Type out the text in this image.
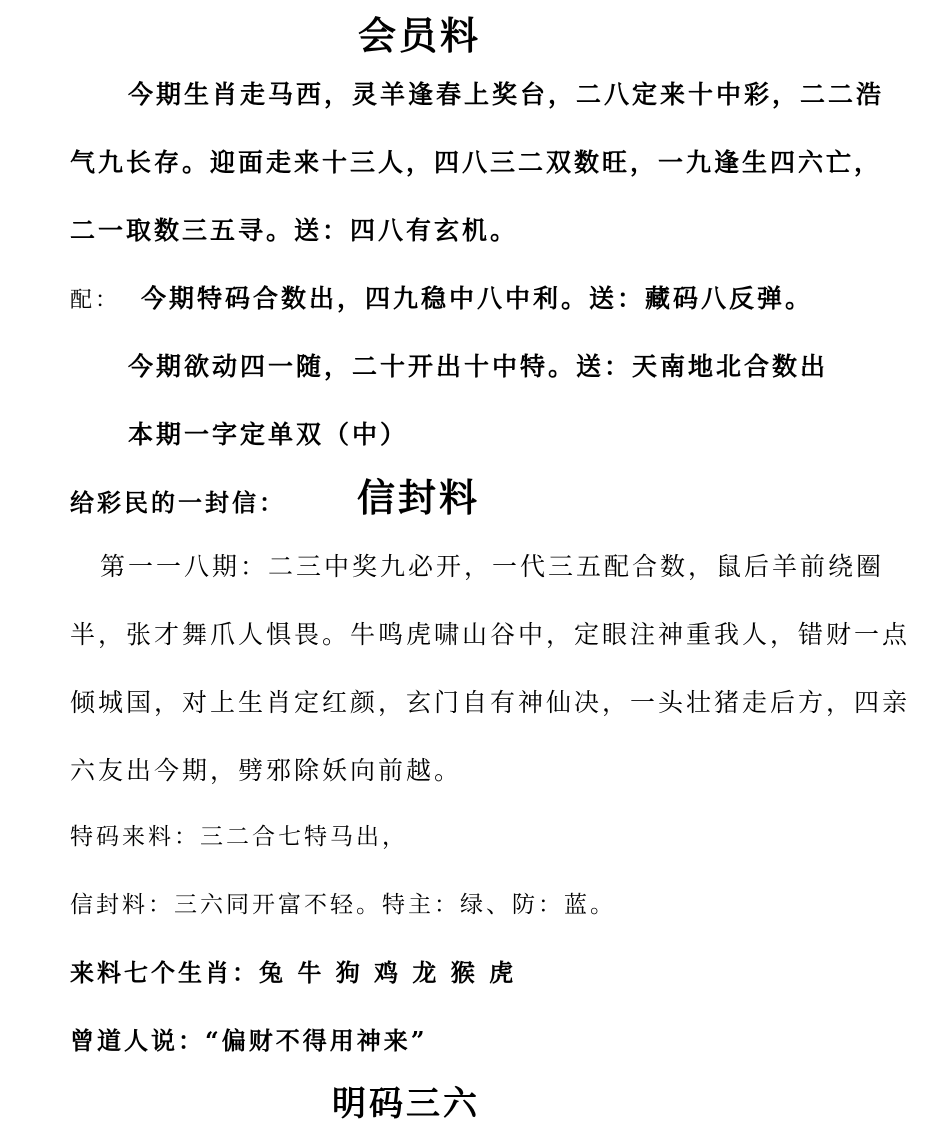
会员料
今期生肖走马西，灵羊逢春上奖台，二八定来十中彩，二二浩
气九长存。迎面走来十三人，四八三二双数旺，一九逢生四六亡，
二一取数三五寻。送：四八有玄机。
配： 今期特码合数出，四九稳中八中利。送：藏码八反弹。
今期欲动四一随，二十开出十中特。送：天南地北合数出
本期一字定单双（中）
给彩民的一封信： 信封料
第一一八期：二三中奖九必开，一代三五配合数，鼠后羊前绕圈
半，张才舞爪人惧畏。牛鸣虎啸山谷中，定眼注神重我人，错财一点
倾城国，对上生肖定红颜，玄门自有神仙决，一头壮猪走后方，四亲
六友出今期，劈邪除妖向前越。
特码来料：三二合七特马出，
信封料：三六同开富不轻。特主：绿、防：蓝。
来料七个生肖：兔 牛 狗 鸡 龙 猴 虎
曾道人说：“偏财不得用神来”
明码三六
